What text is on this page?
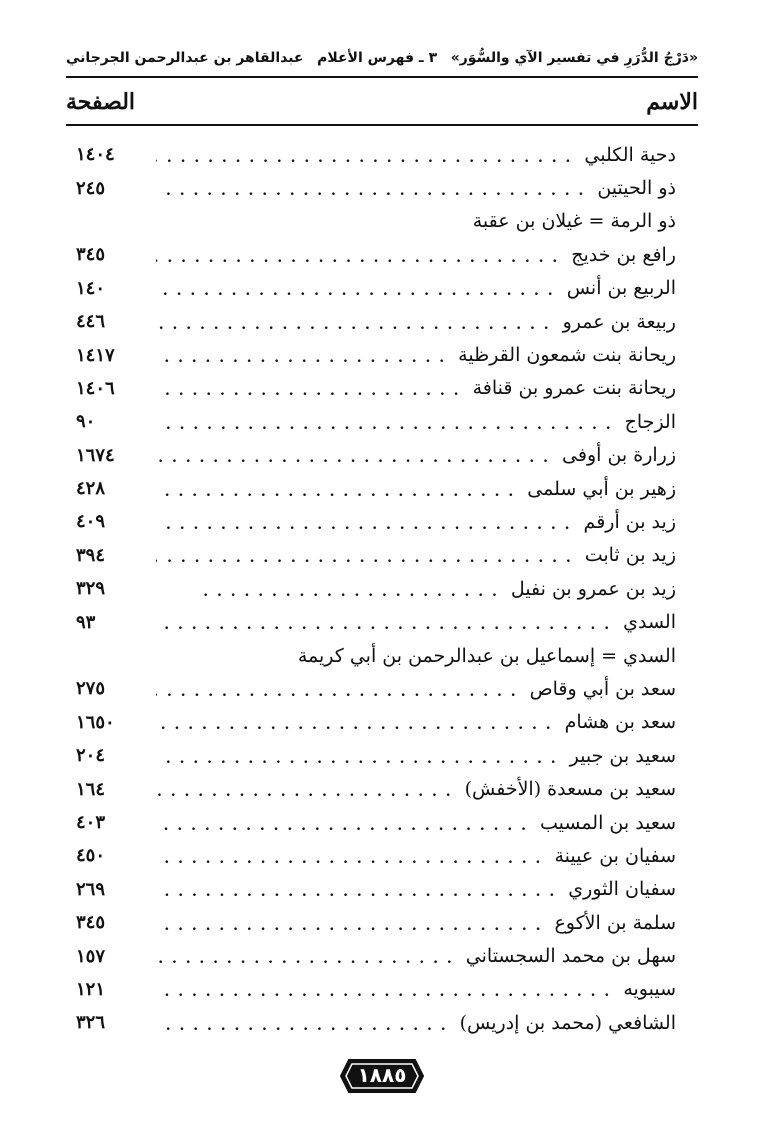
«دَرْجُ الدُّرَرِ في تفسير الآي والسُّوَر»
٣ ـ فهرس الأعلام
عبدالقاهر بن عبدالرحمن الجرجاني
الاسم
الصفحة
دحية الكلبي
. . .
١٤٠٤
ذو الحيتين
. . .
٢٤٥
ذو الرمة = غيلان بن عقبة
رافع بن خديج
. . .
٣٤٥
الربيع بن أنس
. . .
١٤٠
ربيعة بن عمرو
. . .
٤٤٦
ريحانة بنت شمعون القرظية
. . .
١٤١٧
ريحانة بنت عمرو بن قنافة
. . .
١٤٠٦
الزجاج
. . .
٩٠
زرارة بن أوفى
. . .
١٦٧٤
زهير بن أبي سلمى
. . .
٤٢٨
زيد بن أرقم
. . .
٤٠٩
زيد بن ثابت
. . .
٣٩٤
زيد بن عمرو بن نفيل
. . .
٣٢٩
السدي
. . .
٩٣
السدي = إسماعيل بن عبدالرحمن بن أبي كريمة
سعد بن أبي وقاص
. . .
٢٧٥
سعد بن هشام
. . .
١٦٥٠
سعيد بن جبير
. . .
٢٠٤
سعيد بن مسعدة (الأخفش)
. . .
١٦٤
سعيد بن المسيب
. . .
٤٠٣
سفيان بن عيينة
. . .
٤٥٠
سفيان الثوري
. . .
٢٦٩
سلمة بن الأكوع
. . .
٣٤٥
سهل بن محمد السجستاني
. . .
١٥٧
سيبويه
. . .
١٢١
الشافعي (محمد بن إدريس)
. . .
٣٢٦
١٨٨٥
